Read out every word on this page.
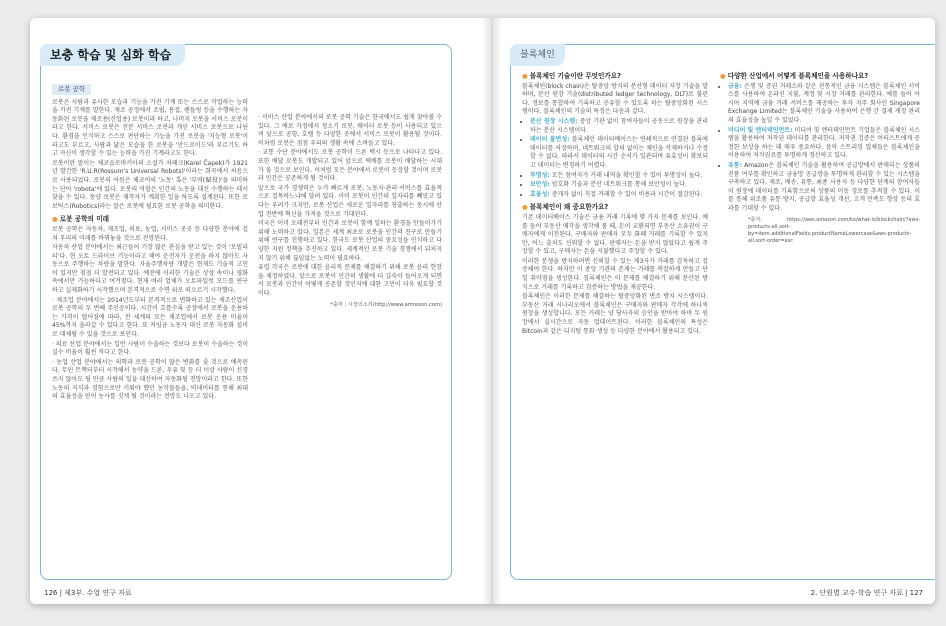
보충 학습 및 심화 학습
로봇 공학

로봇은 사람과 유사한 모습과 기능을 가진 기계 또는 스스로 작업하는 능력을 가진 기계를 말한다. 제조 공정에서 조립, 용접, 핸들링 등을 수행하는 자동화된 로봇을 제조용(산업용) 로봇이라 하고, 나머지 로봇을 서비스 로봇이라고 한다. 서비스 로봇은 전문 서비스 로봇과 개인 서비스 로봇으로 나뉜다. 환경을 인식하고 스스로 판단하는 기능을 가진 로봇을 '지능형 로봇'이라고도 부르고, 사람과 닮은 모습을 한 로봇을 '안드로이드'라 부르기도 하고 자신이 생각할 수 있는 능력을 가진 기계라고도 한다.

로봇이란 말이는 체코슬로바키아의 소설가 차페크(Karel Čapek)가 1921년 발간한 'R.U.R(Rossum's Universal Robots)'이라는 희곡에서 처음으로 사용되었다. 로봇의 어원은 체코어의 '노동' 혹은 '부역(賦役)'을 의미하는 단어 'robota'에 있다. 로봇의 역할은 인간의 노동을 대신 수행하는 데서 찾을 수 있다. 동양 로봇은 제작자가 계획한 일을 하도록 설계된다. 또한 로보틱스(Robotics)라는 말은 로봇에 필요한 로봇 공학을 의미한다.

● 로봇 공학의 미래

로봇 공학은 자동차, 제조업, 의료, 농업, 서비스 곳곳 등 다양한 분야에 걸쳐 우리의 미래를 바꿔놓을 것으로 전망된다.

자동차 산업 분야에서는 최근들어 기장 많은 관심을 받고 있는 것이 '모빌리티'다. 현 오토 드라이브 기능이라고 해야 운전자가 운전을 하지 않아도 자동으로 주행하는 차량을 말한다. 자율주행차량 개발은 현재도 기술적 고민이 있지만 점점 더 발전되고 있다. 예전에 이러한 기술은 상상 속이나 영화 속에서만 가능하다고 여겨졌다. 현재 여러 업체가 오토파일럿 모드를 연구하고 실제화하기 시작했으며 본격적으로 수면 위로 떠오르기 시작했다.

· 제조업 분야에서는 2014년도부터 본격적으로 변화하고 있는 제조산업이 로봇 공학의 두 번째 주인공이다. 시간이 흐를수록 공장에서 로봇을 운용하는 가격이 떨어짐에 따라, 전 세계의 모든 제조업에서 로봇 운용 비율이 45%까지 올라갈 수 있다고 한다. 또 저임금 노동자 대신 로봇 자동화 설비로 대체될 수 있을 것으로 보인다.

· 의료 산업 분야에서는 일반 사람이 수술하는 것보다 로봇이 수술하는 것이 실수 비율이 훨씬 적다고 한다.

· 농업 산업 분야에서는 의학과 로봇 공학이 많은 변화를 줄 것으로 예측된다. 무인 트랙터부터 시작해서 농약을 드론, 우유 및 등 더 이상 사람이 신경쓰지 않아도 될 만큼 사람의 일을 대신하여 자동화될 전망이라고 한다. 또한 노동의 지식과 경험으로만 키워야 했던 농작물들을, 빅데이터를 통해 최대의 효율성을 얻어 농사를 짓게 될 것이라는 전망도 나오고 있다.

· 서비스 산업 분야에서의 로봇 공학 기술은 한국에서도 쉽게 찾아볼 수 있다. 그 예로 가정에서 청소기 로봇, 웨이터 로봇 등이 사용되고 있으며 앞으로 공항, 호텔 등 다양한 곳에서 서비스 로봇이 활용될 것이다. 이처럼 로봇은 점점 우리의 생활 속에 스며들고 있다.

· 교통 수단 분야에서도 로봇 공학이 드론 택시 등으로 나타나고 있다. 또한 배달 로봇도 개발되고 있어 앞으로 택배를 로봇이 배달하는 시대가 올 것으로 보인다. 이처럼 모든 분야에서 로봇이 등장할 것이며 로봇과 인간은 공존하게 될 것이다.

앞으로 국가 경쟁력은 누가 빠르게 로봇, 노동자·관리·서비스를 효율적으로 접목하느냐에 달려 있다. 이미 로봇이 인간의 일자리를 빼앗고 있다는 우려가 크지만, 로봇 산업은 새로운 일자리를 창출하는 동시에 산업 전반에 혁신을 가져올 것으로 기대된다.

미국은 이미 오래전부터 인간과 로봇이 함께 일하는 환경을 만들어가기 위해 노력하고 있다. 일본은 세계 최초로 로봇을 인간의 친구로 만들기 위해 연구를 진행하고 있다. 한국도 로봇 산업의 중요성을 인식하고 다양한 지원 정책을 추진하고 있다. 세계적인 로봇 기술 경쟁에서 뒤처지지 않기 위해 끊임없는 노력이 필요하다.

유럽 각국은 로봇에 대한 윤리적 문제를 해결하기 위해 로봇 윤리 헌장을 제정하였다. 앞으로 로봇이 인간의 생활에 더 깊숙이 들어오게 되면서 로봇과 인간이 어떻게 공존할 것인지에 대한 고민이 더욱 필요할 것이다.

*출처 : 시장의소리(http://www.amreson.com)
126 | 제3부. 수업 연구 자료
블록체인
● 블록체인 기술이란 무엇인가요?

블록체인(block chain)은 탈중앙 방식의 분산형 데이터 저장 기술을 말하며, 분산 원장 기술(distributed ledger technology, DLT)로 불린다. 정보를 통합하여 기록하고 공유할 수 있도록 하는 탈중앙화된 시스템이다. 블록체인의 기술의 특징은 다음과 같다.

• 분산 원장 시스템: 중앙 기관 없이 참여자들이 공동으로 원장을 관리하는 분산 시스템이다.
• 데이터 불변성: 블록체인 데이터베이스는 연쇄적으로 연결된 블록에 데이터를 저장하며, 네트워크의 합의 없이는 체인을 삭제하거나 수정할 수 없다. 따라서 데이터의 시간 순서가 일관되며 유효성이 확보되고 데이터는 변경하기 어렵다.
• 투명성: 모든 참여자가 거래 내역을 확인할 수 있어 투명성이 높다.
• 보안성: 암호화 기술과 분산 네트워크를 통해 보안성이 높다.
• 효율성: 중개자 없이 직접 거래할 수 있어 비용과 시간이 절감된다.
● 블록체인이 왜 중요한가요?

기존 데이터베이스 기술은 금융 거래 기록에 몇 가지 문제를 보인다. 예를 들어 부동산 매각을 생각해 볼 때, 돈이 교환되면 부동산 소유권이 구매자에게 이전된다. 구매자와 판매자 모두 화폐 거래를 기록할 수 있지만, 어느 출처도 신뢰할 수 없다. 판매자는 돈을 받지 않았다고 쉽게 주장할 수 있고, 구매자는 돈을 지불했다고 주장할 수 있다.

이러한 분쟁을 방지하려면 신뢰할 수 있는 제3자가 거래를 감독하고 검증해야 한다. 하지만 이 중앙 기관의 존재는 거래를 복잡하게 만들고 단일 취약점을 생성한다. 블록체인은 이 문제를 해결하기 위해 분산된 방식으로 거래를 기록하고 검증하는 방법을 제공한다.

블록체인은 이러한 문제를 해결하는 탈중앙화된 변조 방지 시스템이다. 부동산 거래 시나리오에서 블록체인은 구매자와 판매자 각각에 하나씩 원장을 생성합니다. 모든 거래는 양 당사자의 승인을 받아야 하며 두 원장에서 실시간으로 자동 업데이트된다. 이러한 블록체인의 특성은 Bitcoin과 같은 디지털 통화 생성 등 다양한 분야에서 활용되고 있다.

● 다양한 산업에서 어떻게 블록체인을 사용하나요?
• 금융: 은행 및 증권 거래소와 같은 전통적인 금융 시스템은 블록체인 서비스를 사용하여 온라인 지불, 계정 및 시장 거래를 관리한다. 예를 들어 아시아 지역에 금융 거래 서비스를 제공하는 투자 지주 회사인 Singapore Exchange Limited는 블록체인 기술을 사용하여 은행 간 결제 계정 관리의 효율성을 높일 수 있었다.
• 미디어 및 엔터테인먼트: 미디어 및 엔터테인먼트 기업들은 블록체인 시스템을 활용하여 저작권 데이터를 관리한다. 저작권 검증은 아티스트에게 공정한 보상을 하는 데 매우 중요하다. 음악 스트리밍 업체들은 블록체인을 이용하여 저작권료를 투명하게 정산하고 있다.
• 유통: Amazon은 블록체인 기술을 활용하여 공급망에서 판매되는 상품의 진품 여부를 확인하고 금융망 공급망을 투명하게 관리할 수 있는 시스템을 구축하고 있다. 제조, 배송, 유통, 최종 사용자 등 다양한 단계의 참여자들이 원장에 데이터를 기록함으로써 상품의 이동 경로를 추적할 수 있다. 이를 통해 위조품 유통 방지, 공급망 효율성 개선, 고객 만족도 향상 등의 효과를 기대할 수 있다.
*출처: https://aws.amazon.com/ko/what-is/blockchain/?aws-products-all.sort-by=item.additionalFields.productNameLowercase&aws-products-all.sort-order=asc
2. 단원별 교수·학습 연구 자료 | 127
